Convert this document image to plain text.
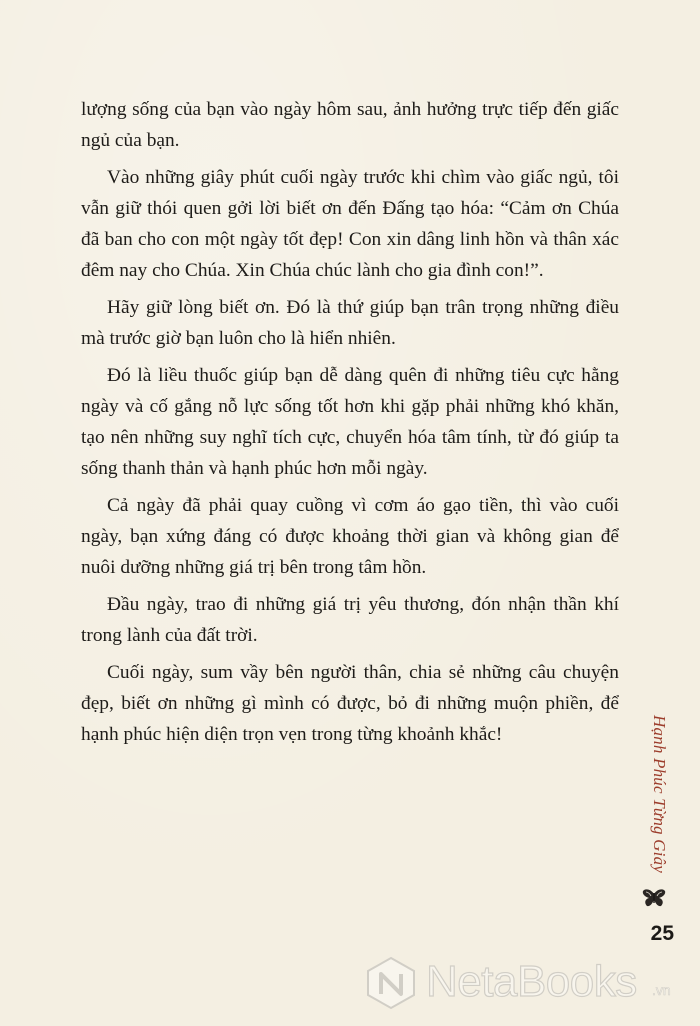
lượng sống của bạn vào ngày hôm sau, ảnh hưởng trực tiếp đến giấc ngủ của bạn.

Vào những giây phút cuối ngày trước khi chìm vào giấc ngủ, tôi vẫn giữ thói quen gởi lời biết ơn đến Đấng tạo hóa: “Cảm ơn Chúa đã ban cho con một ngày tốt đẹp! Con xin dâng linh hồn và thân xác đêm nay cho Chúa. Xin Chúa chúc lành cho gia đình con!”.

Hãy giữ lòng biết ơn. Đó là thứ giúp bạn trân trọng những điều mà trước giờ bạn luôn cho là hiển nhiên.

Đó là liều thuốc giúp bạn dễ dàng quên đi những tiêu cực hằng ngày và cố gắng nỗ lực sống tốt hơn khi gặp phải những khó khăn, tạo nên những suy nghĩ tích cực, chuyển hóa tâm tính, từ đó giúp ta sống thanh thản và hạnh phúc hơn mỗi ngày.

Cả ngày đã phải quay cuồng vì cơm áo gạo tiền, thì vào cuối ngày, bạn xứng đáng có được khoảng thời gian và không gian để nuôi dưỡng những giá trị bên trong tâm hồn.

Đầu ngày, trao đi những giá trị yêu thương, đón nhận thần khí trong lành của đất trời.

Cuối ngày, sum vầy bên người thân, chia sẻ những câu chuyện đẹp, biết ơn những gì mình có được, bỏ đi những muộn phiền, để hạnh phúc hiện diện trọn vẹn trong từng khoảnh khắc!	Hạnh Phúc Từng Giây
25
NetaBooks .vn
